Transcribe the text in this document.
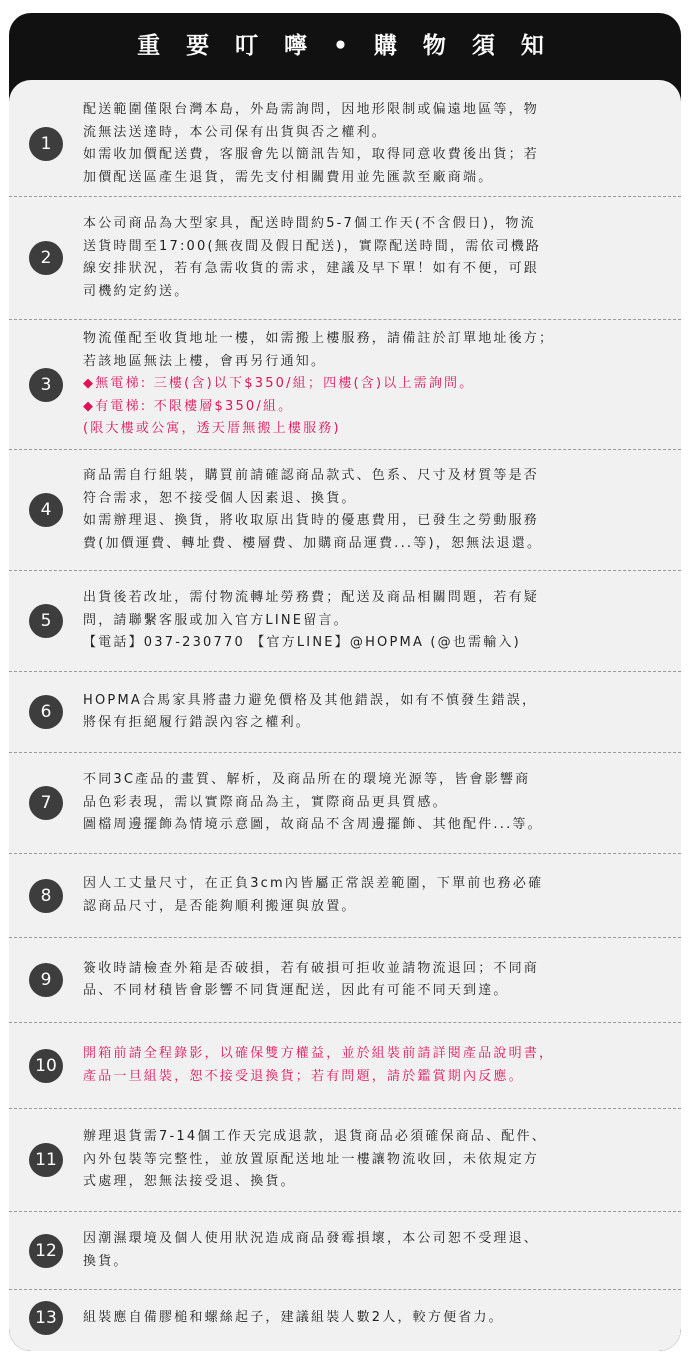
重 要 叮 嚀 • 購 物 須 知
1
配送範圍僅限台灣本島，外島需詢問，因地形限制或偏遠地區等，物
流無法送達時，本公司保有出貨與否之權利。
如需收加價配送費，客服會先以簡訊告知，取得同意收費後出貨；若
加價配送區產生退貨，需先支付相關費用並先匯款至廠商端。
2
本公司商品為大型家具，配送時間約5-7個工作天(不含假日)，物流
送貨時間至17:00(無夜間及假日配送)，實際配送時間，需依司機路
線安排狀況，若有急需收貨的需求，建議及早下單！如有不便，可跟
司機約定約送。
3
物流僅配至收貨地址一樓，如需搬上樓服務，請備註於訂單地址後方；
若該地區無法上樓，會再另行通知。
◆無電梯: 三樓(含)以下$350/組；四樓(含)以上需詢問。
◆有電梯: 不限樓層$350/組。
(限大樓或公寓，透天厝無搬上樓服務)
4
商品需自行組裝，購買前請確認商品款式、色系、尺寸及材質等是否
符合需求，恕不接受個人因素退、換貨。
如需辦理退、換貨，將收取原出貨時的優惠費用，已發生之勞動服務
費(加價運費、轉址費、樓層費、加購商品運費...等)，恕無法退還。
5
出貨後若改址，需付物流轉址勞務費；配送及商品相關問題，若有疑
問，請聯繫客服或加入官方LINE留言。
【電話】037-230770 【官方LINE】@HOPMA (@也需輸入)
6
HOPMA合馬家具將盡力避免價格及其他錯誤，如有不慎發生錯誤，
將保有拒絕履行錯誤內容之權利。
7
不同3C產品的畫質、解析，及商品所在的環境光源等，皆會影響商
品色彩表現，需以實際商品為主，實際商品更具質感。
圖檔周邊擺飾為情境示意圖，故商品不含周邊擺飾、其他配件...等。
8
因人工丈量尺寸，在正負3cm內皆屬正常誤差範圍，下單前也務必確
認商品尺寸，是否能夠順利搬運與放置。
9
簽收時請檢查外箱是否破損，若有破損可拒收並請物流退回；不同商
品、不同材積皆會影響不同貨運配送，因此有可能不同天到達。
10
開箱前請全程錄影，以確保雙方權益，並於組裝前請詳閱產品說明書，
產品一旦組裝，恕不接受退換貨；若有問題，請於鑑賞期內反應。
11
辦理退貨需7-14個工作天完成退款，退貨商品必須確保商品、配件、
內外包裝等完整性，並放置原配送地址一樓讓物流收回，未依規定方
式處理，恕無法接受退、換貨。
12
因潮濕環境及個人使用狀況造成商品發霉損壞，本公司恕不受理退、
換貨。
13	組裝應自備膠槌和螺絲起子，建議組裝人數2人，較方便省力。
